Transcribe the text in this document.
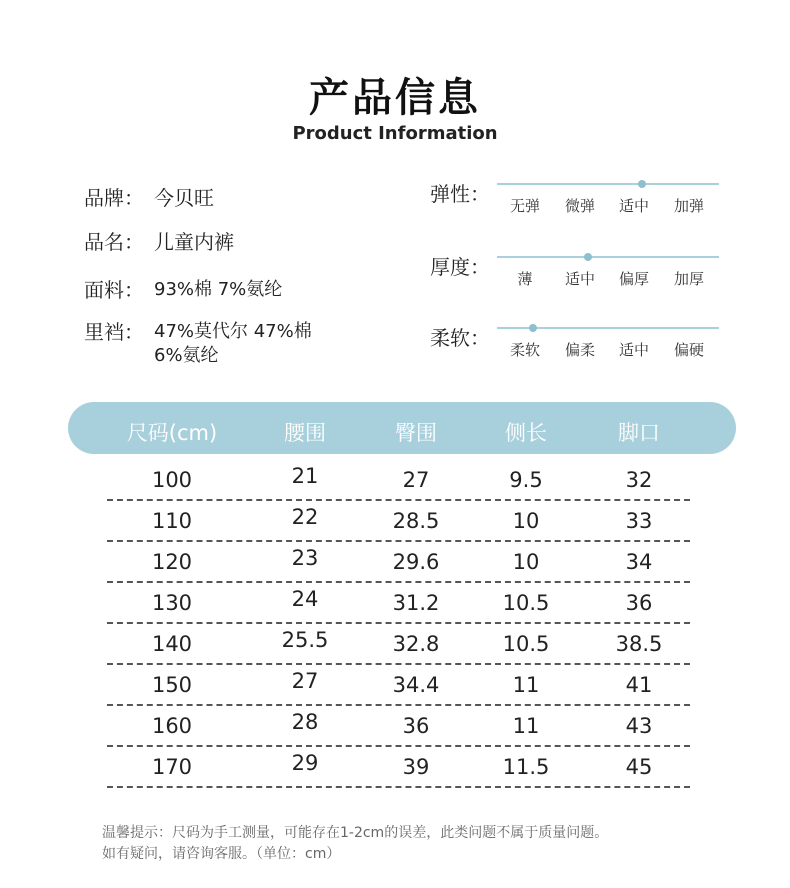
产品信息
Product Information
品牌： 今贝旺
品名： 儿童内裤
面料： 93%棉 7%氨纶
里裆： 47%莫代尔 47%棉
6%氨纶
弹性：	无弹	微弹	适中	加弹
厚度：	薄	适中	偏厚	加厚
柔软：	柔软	偏柔	适中	偏硬
尺码(cm)	腰围	臀围	侧长	脚口
100	21	27	9.5	32
110	22	28.5	10	33
120	23	29.6	10	34
130	24	31.2	10.5	36
140	25.5	32.8	10.5	38.5
150	27	34.4	11	41
160	28	36	11	43
170	29	39	11.5	45
温馨提示：尺码为手工测量，可能存在1-2cm的误差，此类问题不属于质量问题。
如有疑问，请咨询客服。（单位：cm）
